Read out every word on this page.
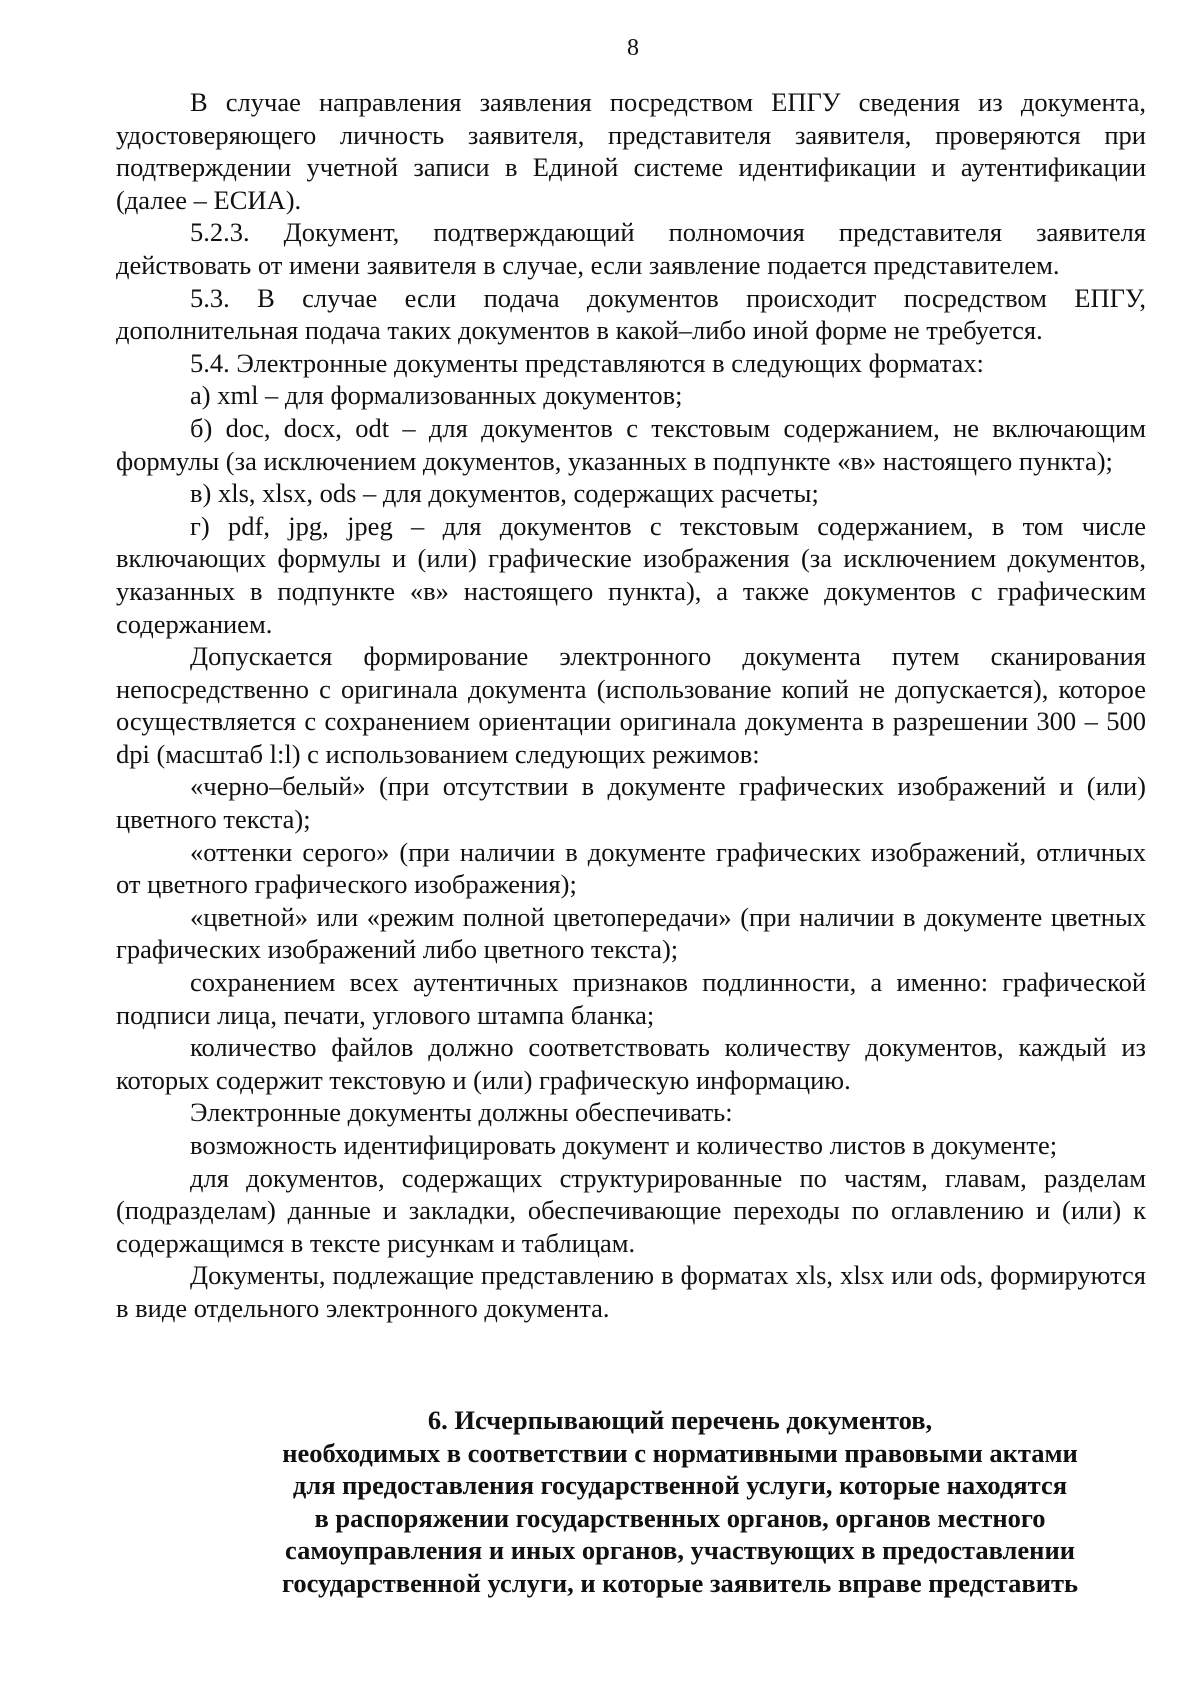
8

В случае направления заявления посредством ЕПГУ сведения из документа, удостоверяющего личность заявителя, представителя заявителя, проверяются при подтверждении учетной записи в Единой системе идентификации и аутентификации (далее – ЕСИА).

5.2.3. Документ, подтверждающий полномочия представителя заявителя действовать от имени заявителя в случае, если заявление подается представителем.

5.3. В случае если подача документов происходит посредством ЕПГУ, дополнительная подача таких документов в какой–либо иной форме не требуется.

5.4. Электронные документы представляются в следующих форматах:

а) xml – для формализованных документов;

б) doc, docx, odt – для документов с текстовым содержанием, не включающим формулы (за исключением документов, указанных в подпункте «в» настоящего пункта);

в) xls, xlsx, ods – для документов, содержащих расчеты;

г) pdf, jpg, jpeg – для документов с текстовым содержанием, в том числе включающих формулы и (или) графические изображения (за исключением документов, указанных в подпункте «в» настоящего пункта), а также документов с графическим содержанием.

Допускается формирование электронного документа путем сканирования непосредственно с оригинала документа (использование копий не допускается), которое осуществляется с сохранением ориентации оригинала документа в разрешении 300 – 500 dpi (масштаб l:l) с использованием следующих режимов:

«черно–белый» (при отсутствии в документе графических изображений и (или) цветного текста);

«оттенки серого» (при наличии в документе графических изображений, отличных от цветного графического изображения);

«цветной» или «режим полной цветопередачи» (при наличии в документе цветных графических изображений либо цветного текста);

сохранением всех аутентичных признаков подлинности, а именно: графической подписи лица, печати, углового штампа бланка;

количество файлов должно соответствовать количеству документов, каждый из которых содержит текстовую и (или) графическую информацию.

Электронные документы должны обеспечивать:

возможность идентифицировать документ и количество листов в документе;

для документов, содержащих структурированные по частям, главам, разделам (подразделам) данные и закладки, обеспечивающие переходы по оглавлению и (или) к содержащимся в тексте рисункам и таблицам.

Документы, подлежащие представлению в форматах xls, xlsx или ods, формируются в виде отдельного электронного документа.

6. Исчерпывающий перечень документов,
необходимых в соответствии с нормативными правовыми актами
для предоставления государственной услуги, которые находятся
в распоряжении государственных органов, органов местного
самоуправления и иных органов, участвующих в предоставлении
государственной услуги, и которые заявитель вправе представить
